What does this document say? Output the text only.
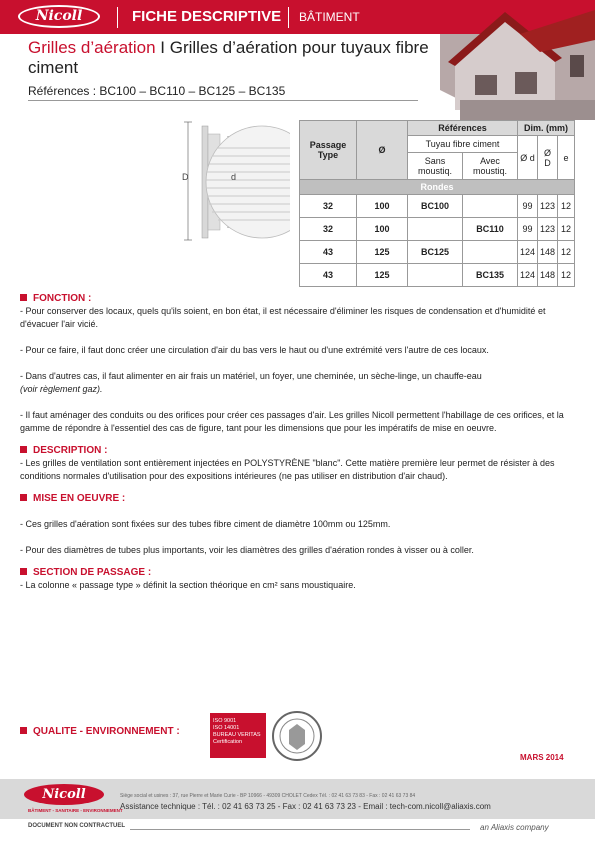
Nicoll	FICHE DESCRIPTIVE BÂTIMENT
Grilles d’aération I Grilles d’aération pour tuyaux fibre ciment
Références : BC100 – BC110 – BC125 – BC135
D	d
Passage Type	Ø	Références		Dim. (mm)		
		Tuyau fibre ciment		Ø d	Ø D	e
		Sans moustiq.	Avec moustiq.			
Rondes						
32	100	BC100		99	123	12
32	100		BC110	99	123	12
43	125	BC125		124	148	12
43	125		BC135	124	148	12
FONCTION :

- Pour conserver des locaux, quels qu'ils soient, en bon état, il est nécessaire d'éliminer les risques de condensation et d'humidité et d'évacuer l'air vicié.

- Pour ce faire, il faut donc créer une circulation d'air du bas vers le haut ou d'une extrémité vers l'autre de ces locaux.

- Dans d'autres cas, il faut alimenter en air frais un matériel, un foyer, une cheminée, un sèche-linge, un chauffe-eau

(voir règlement gaz).

- Il faut aménager des conduits ou des orifices pour créer ces passages d'air. Les grilles Nicoll permettent l'habillage de ces orifices, et la gamme de répondre à l'essentiel des cas de figure, tant pour les dimensions que pour les impératifs de mise en oeuvre.

DESCRIPTION :

- Les grilles de ventilation sont entièrement injectées en POLYSTYRÈNE "blanc". Cette matière première leur permet de résister à des conditions normales d'utilisation pour des expositions intérieures (ne pas utiliser en distribution d'air chaud).

MISE EN OEUVRE :

- Ces grilles d'aération sont fixées sur des tubes fibre ciment de diamètre 100mm ou 125mm.

- Pour des diamètres de tubes plus importants, voir les diamètres des grilles d'aération rondes à visser ou à coller.

SECTION DE PASSAGE :

- La colonne « passage type » définit la section théorique en cm² sans moustiquaire.

QUALITE - ENVIRONNEMENT :
ISO 9001
ISO 14001
BUREAU VERITAS
Certification
MARS 2014
Nicoll
BÂTIMENT - SANITAIRE - ENVIRONNEMENT
Siège social et usines : 37, rue Pierre et Marie Curie - BP 10966 - 49309 CHOLET Cedex Tél. : 02 41 63 73 83 - Fax : 02 41 63 73 84
Assistance technique : Tél. : 02 41 63 73 25 - Fax : 02 41 63 73 23 - Email : tech-com.nicoll@aliaxis.com
DOCUMENT NON CONTRACTUEL	an Aliaxis company
